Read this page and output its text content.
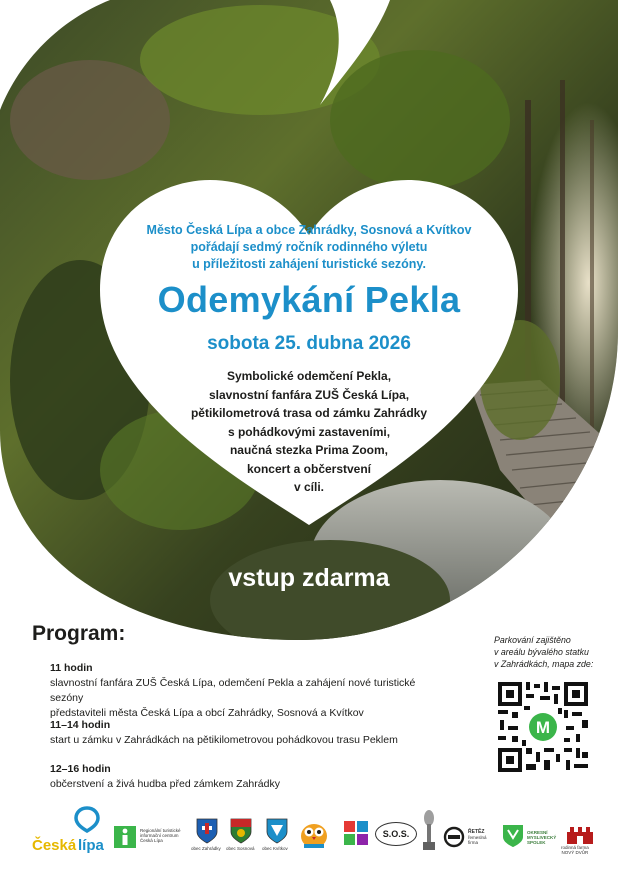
Město Česká Lípa a obce Zahrádky, Sosnová a Kvítkov
pořádají sedmý ročník rodinného výletu
u příležitosti zahájení turistické sezóny.
Odemykání Pekla
sobota 25. dubna 2026
Symbolické odemčení Pekla,
slavnostní fanfára ZUŠ Česká Lípa,
pětikilometrová trasa od zámku Zahrádky
s pohádkovými zastaveními,
naučná stezka Prima Zoom,
koncert a občerstvení
v cíli.
vstup zdarma
Program:
11 hodin
slavnostní fanfára ZUŠ Česká Lípa, odemčení Pekla a zahájení nové turistické sezóny
představiteli města Česká Lípa a obcí Zahrádky, Sosnová a Kvítkov
11–14 hodin
start u zámku v Zahrádkách na pětikilometrovou pohádkovou trasu Peklem
12–16 hodin
občerstvení a živá hudba před zámkem Zahrádky
Parkování zajištěno
v areálu bývalého statku
v Zahrádkách, mapa zde:
M
Česká lípa
Regionální turistické
informační centrum
Česká Lípa
obec Zahrádky obec Sosnová obec Kvítkov
S.O.S.	ŘETĚZ
řemeslná
firma
OKRESNÍ
MYSLIVECKÝ
SPOLEK
rodinná farma
NOVÝ DVŮR
